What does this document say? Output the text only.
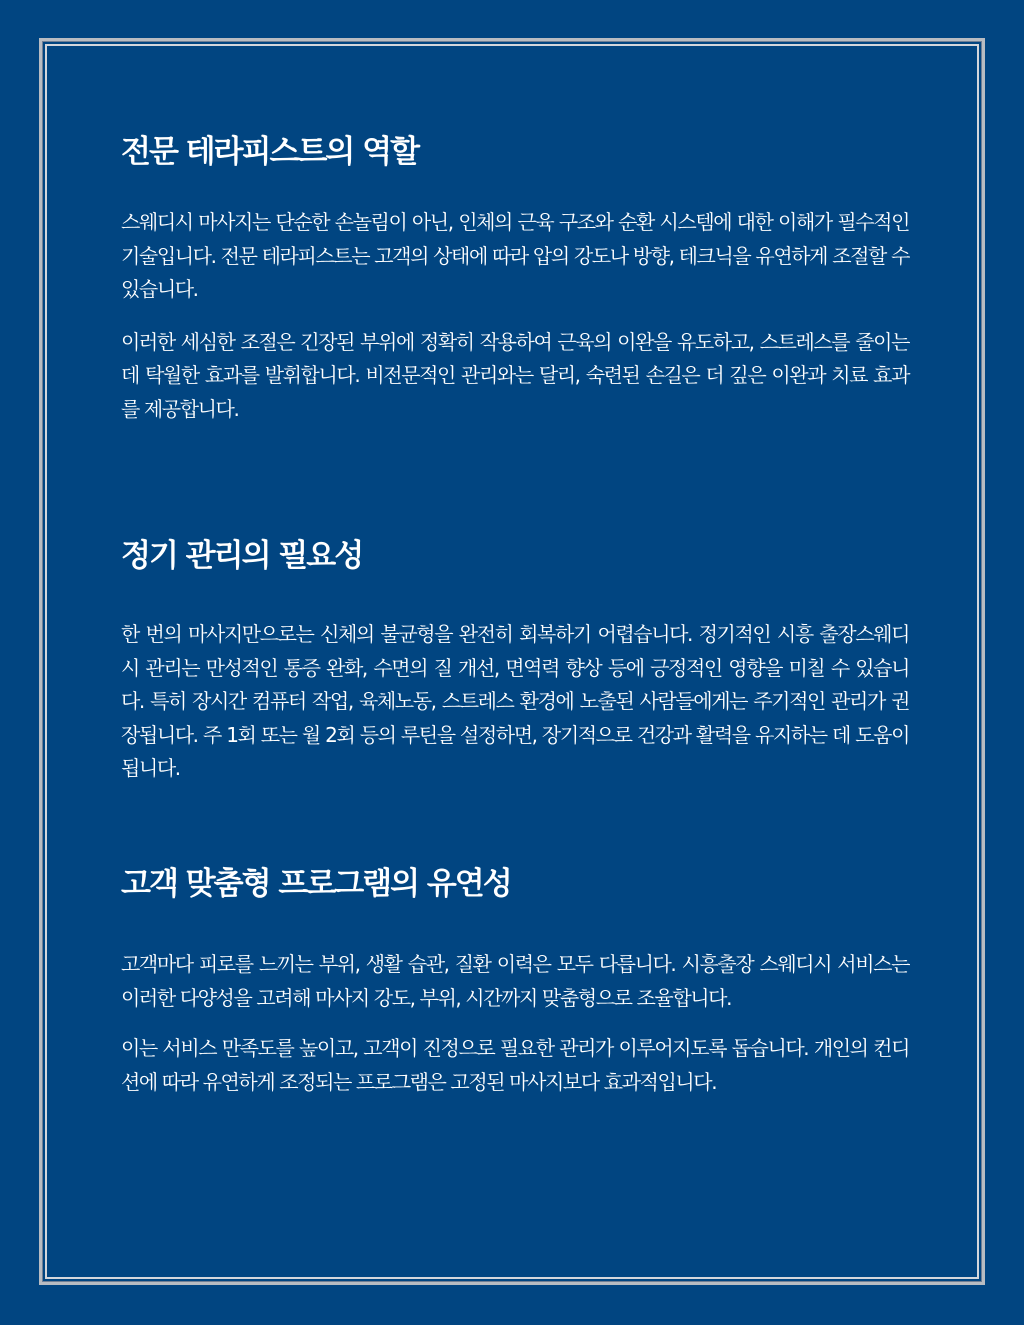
전문 테라피스트의 역할

스웨디시 마사지는 단순한 손놀림이 아닌, 인체의 근육 구조와 순환 시스템에 대한 이해가 필수적인 기술입니다. 전문 테라피스트는 고객의 상태에 따라 압의 강도나 방향, 테크닉을 유연하게 조절할 수 있습니다.

이러한 세심한 조절은 긴장된 부위에 정확히 작용하여 근육의 이완을 유도하고, 스트레스를 줄이는 데 탁월한 효과를 발휘합니다. 비전문적인 관리와는 달리, 숙련된 손길은 더 깊은 이완과 치료 효과를 제공합니다.

정기 관리의 필요성

한 번의 마사지만으로는 신체의 불균형을 완전히 회복하기 어렵습니다. 정기적인 시흥 출장스웨디시 관리는 만성적인 통증 완화, 수면의 질 개선, 면역력 향상 등에 긍정적인 영향을 미칠 수 있습니다. 특히 장시간 컴퓨터 작업, 육체노동, 스트레스 환경에 노출된 사람들에게는 주기적인 관리가 권장됩니다. 주 1회 또는 월 2회 등의 루틴을 설정하면, 장기적으로 건강과 활력을 유지하는 데 도움이 됩니다.

고객 맞춤형 프로그램의 유연성

고객마다 피로를 느끼는 부위, 생활 습관, 질환 이력은 모두 다릅니다. 시흥출장 스웨디시 서비스는 이러한 다양성을 고려해 마사지 강도, 부위, 시간까지 맞춤형으로 조율합니다.

이는 서비스 만족도를 높이고, 고객이 진정으로 필요한 관리가 이루어지도록 돕습니다. 개인의 컨디션에 따라 유연하게 조정되는 프로그램은 고정된 마사지보다 효과적입니다.
